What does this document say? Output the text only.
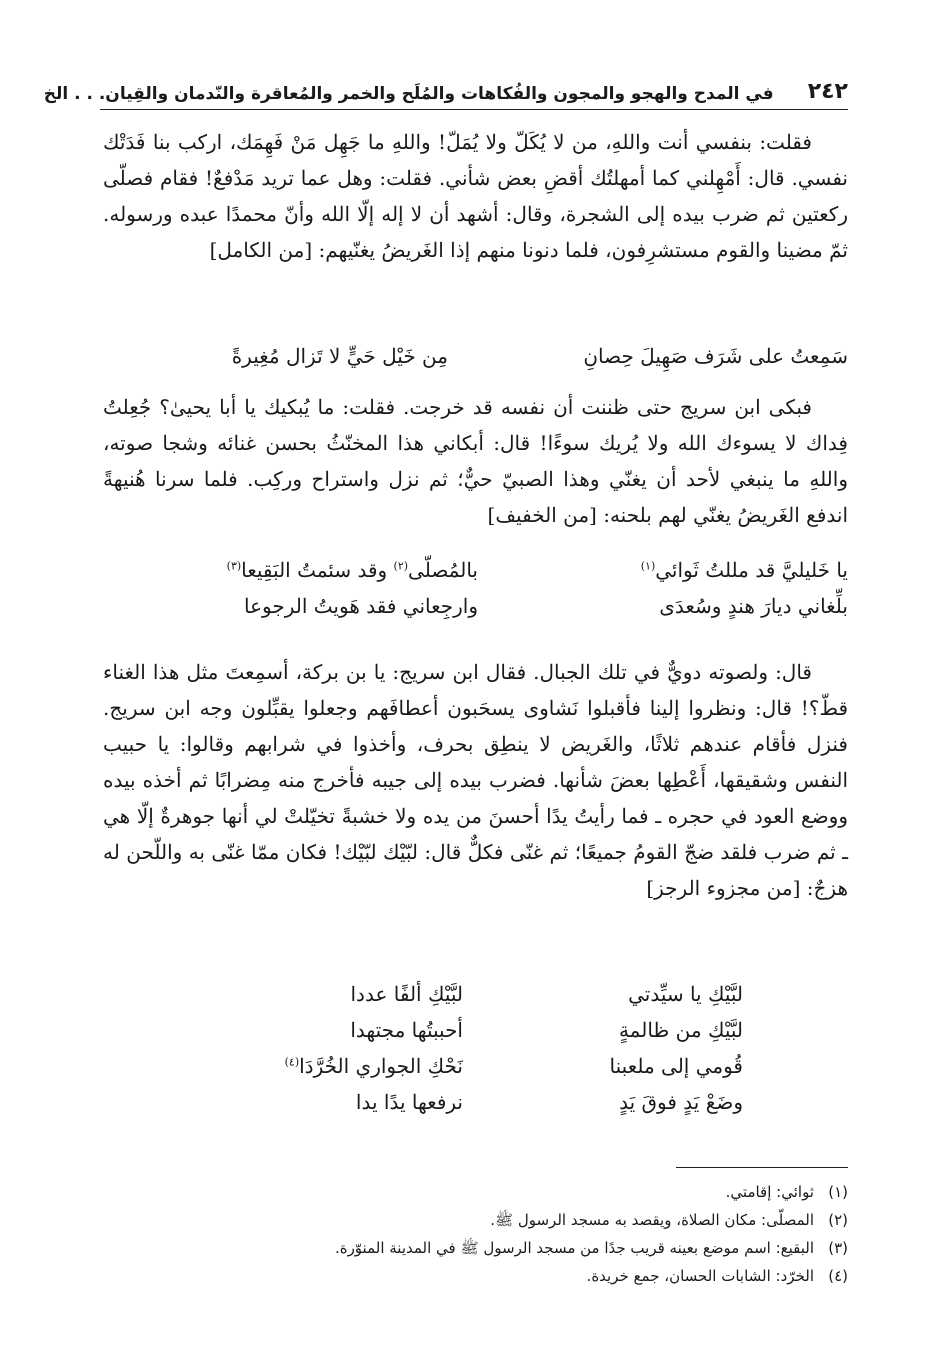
٢٤٢
في المدح والهجو والمجون والفُكاهات والمُلَح والخمر والمُعاقرة والنّدمان والقِيان. . . الخ

فقلت: بنفسي أنت واللهِ، من لا يُكَلّ ولا يُمَلّ! واللهِ ما جَهِل مَنْ فَهِمَك، اركب بنا فَدَتْك نفسي. قال: أَمْهِلني كما أمهلتُك أقضِ بعض شأني. فقلت: وهل عما تريد مَدْفعٌ! فقام فصلّى ركعتين ثم ضرب بيده إلى الشجرة، وقال: أشهد أن لا إله إلّا الله وأنّ محمدًا عبده ورسوله. ثمّ مضينا والقوم مستشرِفون، فلما دنونا منهم إذا الغَريضُ يغنّيهم: [من الكامل]

سَمِعتُ على شَرَف صَهِيلَ حِصانِ
مِن خَيْل حَيٍّ لا تَزال مُغِيرةً

فبكى ابن سريج حتى ظننت أن نفسه قد خرجت. فقلت: ما يُبكيك يا أبا يحيىٰ؟ جُعِلتُ فِداك لا يسوءك الله ولا يُريك سوءًا! قال: أبكاني هذا المخنّثُ بحسن غنائه وشجا صوته، واللهِ ما ينبغي لأحد أن يغنّي وهذا الصبيّ حيٌّ؛ ثم نزل واستراح وركِب. فلما سرنا هُنيهةً اندفع الغَريضُ يغنّي لهم بلحنه: [من الخفيف]

يا خَليليَّ قد مللتُ ثَوائي$^{(١)}$
بالمُصلّى$^{(٢)}$ وقد سئمتُ البَقِيعا$^{(٣)}$
بلِّغاني ديارَ هندٍ وسُعدَى
وارجِعاني فقد هَويتُ الرجوعا

قال: ولصوته دويٌّ في تلك الجبال. فقال ابن سريج: يا بن بركة، أسمِعتَ مثل هذا الغناء قطّ؟! قال: ونظروا إلينا فأقبلوا نَشاوى يسحَبون أعطافَهم وجعلوا يقبِّلون وجه ابن سريج. فنزل فأقام عندهم ثلاثًا، والغَريض لا ينطِق بحرف، وأخذوا في شرابهم وقالوا: يا حبيب النفس وشقيقها، أَعْطِها بعضَ شأنها. فضرب بيده إلى جيبه فأخرج منه مِضرابًا ثم أخذه بيده ووضع العود في حجره ـ فما رأيتُ يدًا أحسنَ من يده ولا خشبةً تخيّلتْ لي أنها جوهرةٌ إلّا هي ـ ثم ضرب فلقد ضجّ القومُ جميعًا؛ ثم غنّى فكلٌّ قال: لبّيْك لبّيْك! فكان ممّا غنّى به واللّحن له هزجٌ: [من مجزوء الرجز]

لبَّيْكِ يا سيِّدتي
لبَّيْكِ ألفًا عددا
لبَّيْكِ من ظالمةٍ
أحببتُها مجتهدا
قُومي إلى ملعبنا
نَحْكِ الجواري الخُرَّدَا$^{(٤)}$
وضَعْ يَدٍ فوقَ يَدٍ
نرفعها يدًا يدا
(١)ثوائي: إقامتي.
(٢)المصلّى: مكان الصلاة، ويقصد به مسجد الرسول ﷺ.
(٣)البقيع: اسم موضع بعينه قريب جدًا من مسجد الرسول ﷺ في المدينة المنوّرة.
(٤)الخرّد: الشابات الحسان، جمع خريدة.
